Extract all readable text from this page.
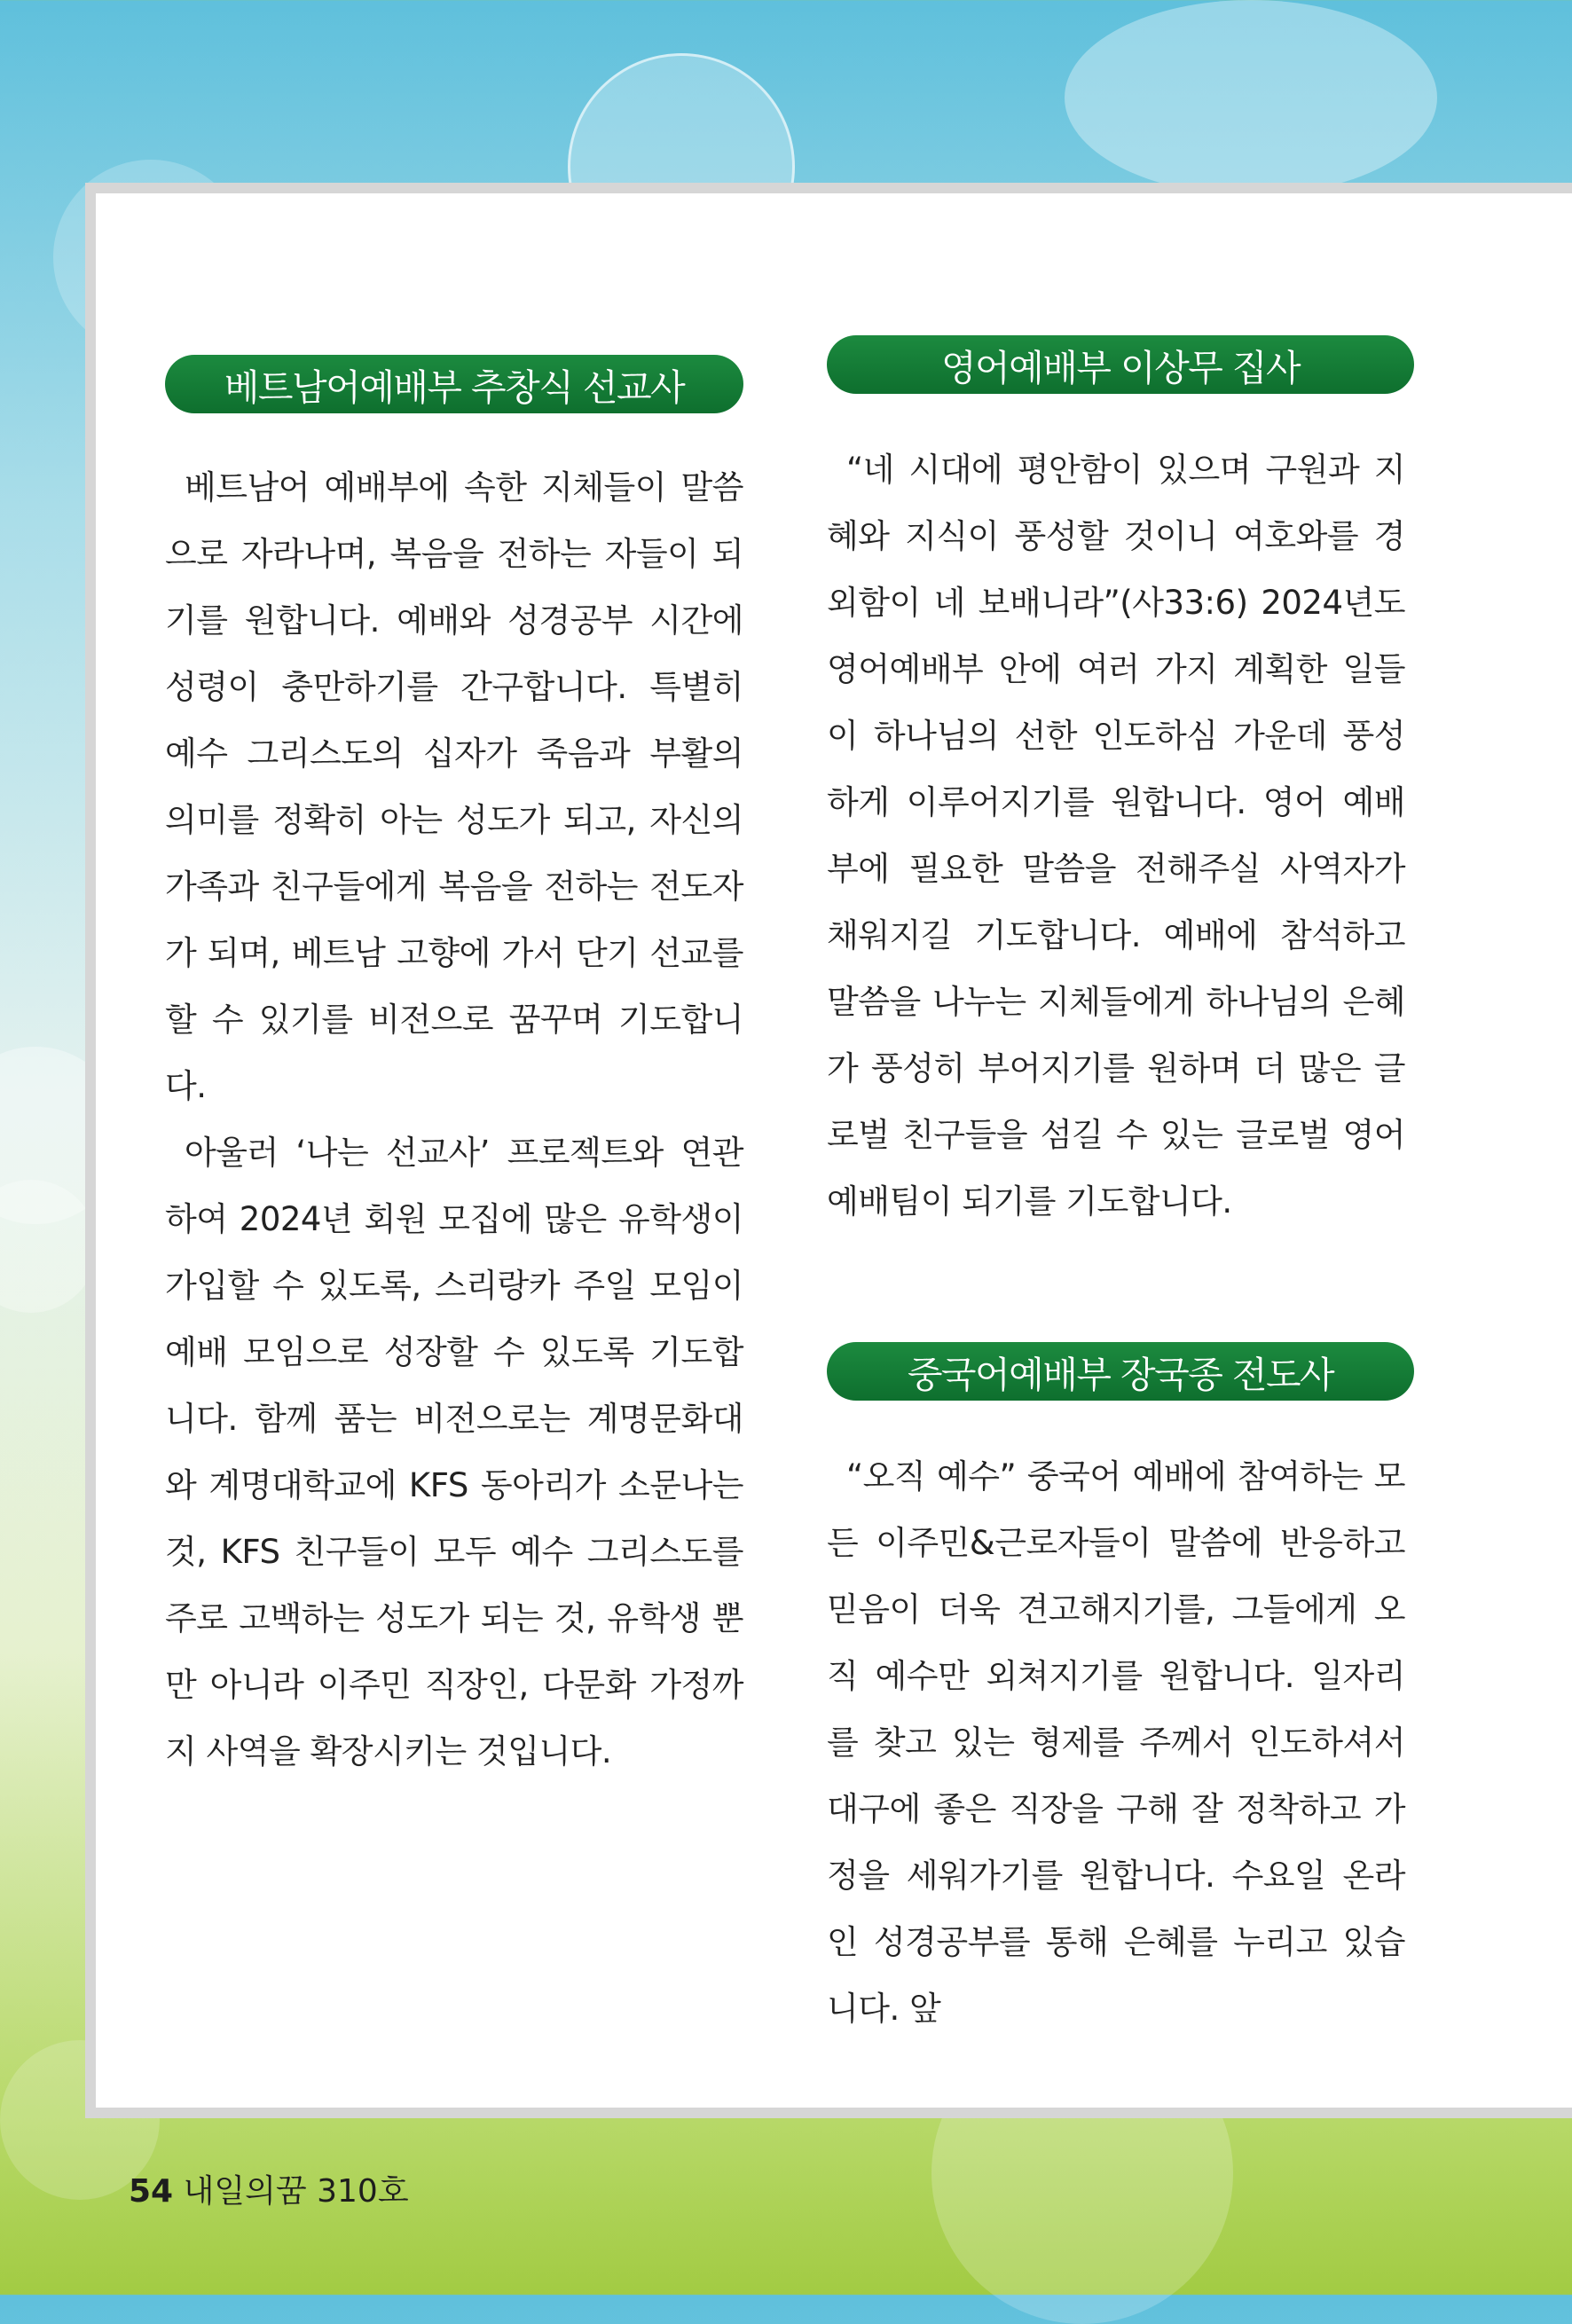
베트남어예배부 추창식 선교사

베트남어 예배부에 속한 지체들이 말씀으로 자라나며, 복음을 전하는 자들이 되기를 원합니다. 예배와 성경공부 시간에 성령이 충만하기를 간구합니다. 특별히 예수 그리스도의 십자가 죽음과 부활의 의미를 정확히 아는 성도가 되고, 자신의 가족과 친구들에게 복음을 전하는 전도자가 되며, 베트남 고향에 가서 단기 선교를 할 수 있기를 비전으로 꿈꾸며 기도합니다.

아울러 ‘나는 선교사’ 프로젝트와 연관하여 2024년 회원 모집에 많은 유학생이 가입할 수 있도록, 스리랑카 주일 모임이 예배 모임으로 성장할 수 있도록 기도합니다. 함께 품는 비전으로는 계명문화대와 계명대학교에 KFS 동아리가 소문나는 것, KFS 친구들이 모두 예수 그리스도를 주로 고백하는 성도가 되는 것, 유학생 뿐만 아니라 이주민 직장인, 다문화 가정까지 사역을 확장시키는 것입니다.

영어예배부 이상무 집사

“네 시대에 평안함이 있으며 구원과 지혜와 지식이 풍성할 것이니 여호와를 경외함이 네 보배니라”(사33:6) 2024년도 영어예배부 안에 여러 가지 계획한 일들이 하나님의 선한 인도하심 가운데 풍성하게 이루어지기를 원합니다. 영어 예배부에 필요한 말씀을 전해주실 사역자가 채워지길 기도합니다. 예배에 참석하고 말씀을 나누는 지체들에게 하나님의 은혜가 풍성히 부어지기를 원하며 더 많은 글로벌 친구들을 섬길 수 있는 글로벌 영어예배팀이 되기를 기도합니다.

중국어예배부 장국종 전도사

“오직 예수” 중국어 예배에 참여하는 모든 이주민&근로자들이 말씀에 반응하고 믿음이 더욱 견고해지기를, 그들에게 오직 예수만 외쳐지기를 원합니다. 일자리를 찾고 있는 형제를 주께서 인도하셔서 대구에 좋은 직장을 구해 잘 정착하고 가정을 세워가기를 원합니다. 수요일 온라인 성경공부를 통해 은혜를 누리고 있습니다. 앞

54 내일의꿈 310호
